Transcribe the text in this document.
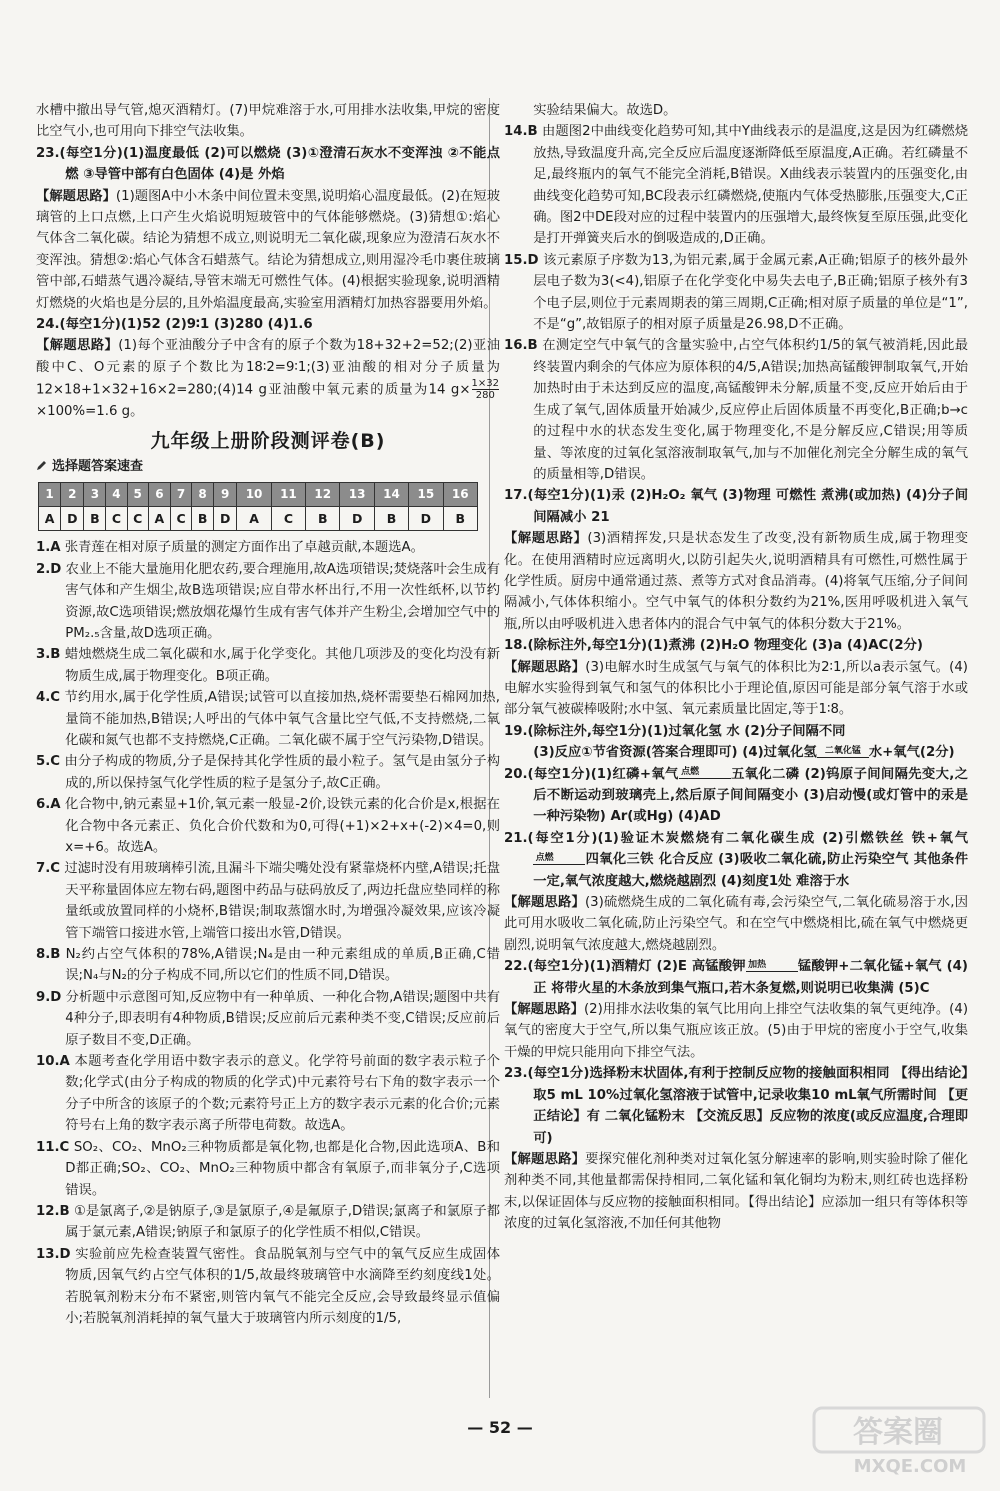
水槽中撤出导气管,熄灭酒精灯。(7)甲烷难溶于水,可用排水法收集,甲烷的密度比空气小,也可用向下排空气法收集。

23.(每空1分)(1)温度最低 (2)可以燃烧 (3)①澄清石灰水不变浑浊 ②不能点燃 ③导管中部有白色固体 (4)是 外焰

【解题思路】(1)题图A中小木条中间位置未变黑,说明焰心温度最低。(2)在短玻璃管的上口点燃,上口产生火焰说明短玻管中的气体能够燃烧。(3)猜想①:焰心气体含二氧化碳。结论为猜想不成立,则说明无二氧化碳,现象应为澄清石灰水不变浑浊。猜想②:焰心气体含石蜡蒸气。结论为猜想成立,则用湿冷毛巾裹住玻璃管中部,石蜡蒸气遇冷凝结,导管末端无可燃性气体。(4)根据实验现象,说明酒精灯燃烧的火焰也是分层的,且外焰温度最高,实验室用酒精灯加热容器要用外焰。

24.(每空1分)(1)52 (2)9∶1 (3)280 (4)1.6

【解题思路】(1)每个亚油酸分子中含有的原子个数为18+32+2=52;(2)亚油酸中C、O元素的原子个数比为18∶2=9∶1;(3)亚油酸的相对分子质量为12×18+1×32+16×2=280;(4)14 g亚油酸中氧元素的质量为14 $g\times \frac{1\times 32}{280}$
×100%=1.6 g。

九年级上册阶段测评卷(B)
选择题答案速查
1	2	3	4	5	6	7	8	9	10	11	12	13	14	15	16
A	D	B	C	C	A	C	B	D	A	C	B	D	B	D	B

1.A 张青莲在相对原子质量的测定方面作出了卓越贡献,本题选A。

2.D 农业上不能大量施用化肥农药,要合理施用,故A选项错误;焚烧落叶会生成有害气体和产生烟尘,故B选项错误;应自带水杯出行,不用一次性纸杯,以节约资源,故C选项错误;燃放烟花爆竹生成有害气体并产生粉尘,会增加空气中的PM₂.₅含量,故D选项正确。

3.B 蜡烛燃烧生成二氧化碳和水,属于化学变化。其他几项涉及的变化均没有新物质生成,属于物理变化。B项正确。

4.C 节约用水,属于化学性质,A错误;试管可以直接加热,烧杯需要垫石棉网加热,量筒不能加热,B错误;人呼出的气体中氧气含量比空气低,不支持燃烧,二氧化碳和氮气也都不支持燃烧,C正确。二氧化碳不属于空气污染物,D错误。

5.C 由分子构成的物质,分子是保持其化学性质的最小粒子。氢气是由氢分子构成的,所以保持氢气化学性质的粒子是氢分子,故C正确。

6.A 化合物中,钠元素显+1价,氧元素一般显-2价,设铁元素的化合价是x,根据在化合物中各元素正、负化合价代数和为0,可得(+1)×2+x+(-2)×4=0,则x=+6。故选A。

7.C 过滤时没有用玻璃棒引流,且漏斗下端尖嘴处没有紧靠烧杯内壁,A错误;托盘天平称量固体应左物右码,题图中药品与砝码放反了,两边托盘应垫同样的称量纸或放置同样的小烧杯,B错误;制取蒸馏水时,为增强冷凝效果,应该冷凝管下端管口接进水管,上端管口接出水管,D错误。

8.B N₂约占空气体积的78%,A错误;N₄是由一种元素组成的单质,B正确,C错误;N₄与N₂的分子构成不同,所以它们的性质不同,D错误。

9.D 分析题中示意图可知,反应物中有一种单质、一种化合物,A错误;题图中共有4种分子,即表明有4种物质,B错误;反应前后元素种类不变,C错误;反应前后原子数目不变,D正确。

10.A 本题考查化学用语中数字表示的意义。化学符号前面的数字表示粒子个数;化学式(由分子构成的物质的化学式)中元素符号右下角的数字表示一个分子中所含的该原子的个数;元素符号正上方的数字表示元素的化合价;元素符号右上角的数字表示离子所带电荷数。故选A。

11.C SO₂、CO₂、MnO₂三种物质都是氧化物,也都是化合物,因此选项A、B和D都正确;SO₂、CO₂、MnO₂三种物质中都含有氧原子,而非氧分子,C选项错误。

12.B ①是氯离子,②是钠原子,③是氯原子,④是氟原子,D错误;氯离子和氯原子都属于氯元素,A错误;钠原子和氯原子的化学性质不相似,C错误。

13.D 实验前应先检查装置气密性。食品脱氧剂与空气中的氧气反应生成固体物质,因氧气约占空气体积的1/5,故最终玻璃管中水滴降至约刻度线1处。若脱氧剂粉末分布不紧密,则管内氧气不能完全反应,会导致最终显示值偏小;若脱氧剂消耗掉的氧气量大于玻璃管内所示刻度的1/5,

实验结果偏大。故选D。

14.B 由题图2中曲线变化趋势可知,其中Y曲线表示的是温度,这是因为红磷燃烧放热,导致温度升高,完全反应后温度逐渐降低至原温度,A正确。若红磷量不足,最终瓶内的氧气不能完全消耗,B错误。X曲线表示装置内的压强变化,由曲线变化趋势可知,BC段表示红磷燃烧,使瓶内气体受热膨胀,压强变大,C正确。图2中DE段对应的过程中装置内的压强增大,最终恢复至原压强,此变化是打开弹簧夹后水的倒吸造成的,D正确。

15.D 该元素原子序数为13,为铝元素,属于金属元素,A正确;铝原子的核外最外层电子数为3(<4),铝原子在化学变化中易失去电子,B正确;铝原子核外有3个电子层,则位于元素周期表的第三周期,C正确;相对原子质量的单位是“1”,不是“g”,故铝原子的相对原子质量是26.98,D不正确。

16.B 在测定空气中氧气的含量实验中,占空气体积约1/5的氧气被消耗,因此最终装置内剩余的气体应为原体积的4/5,A错误;加热高锰酸钾制取氧气,开始加热时由于未达到反应的温度,高锰酸钾未分解,质量不变,反应开始后由于生成了氧气,固体质量开始减少,反应停止后固体质量不再变化,B正确;b→c的过程中水的状态发生变化,属于物理变化,不是分解反应,C错误;用等质量、等浓度的过氧化氢溶液制取氧气,加与不加催化剂完全分解生成的氧气的质量相等,D错误。

17.(每空1分)(1)汞 (2)H₂O₂ 氧气 (3)物理 可燃性 煮沸(或加热) (4)分子间间隔减小 21

【解题思路】(3)酒精挥发,只是状态发生了改变,没有新物质生成,属于物理变化。在使用酒精时应远离明火,以防引起失火,说明酒精具有可燃性,可燃性属于化学性质。厨房中通常通过蒸、煮等方式对食品消毒。(4)将氧气压缩,分子间间隔减小,气体体积缩小。空气中氧气的体积分数约为21%,医用呼吸机进入氧气瓶,所以由呼吸机进入患者体内的混合气中氧气的体积分数大于21%。

18.(除标注外,每空1分)(1)煮沸 (2)H₂O 物理变化 (3)a (4)AC(2分)

【解题思路】(3)电解水时生成氢气与氧气的体积比为2∶1,所以a表示氢气。(4)电解水实验得到氧气和氢气的体积比小于理论值,原因可能是部分氧气溶于水或部分氧气被碳棒吸附;水中氢、氧元素质量比固定,等于1∶8。

19.(除标注外,每空1分)(1)过氧化氢 水 (2)分子间隔不同

(3)反应①节省资源(答案合理即可) (4)过氧化氢 二氧化锰 水+氧气(2分)

20.(每空1分)(1)红磷+氧气 点燃 五氧化二磷 (2)钨原子间间隔先变大,之后不断运动到玻璃壳上,然后原子间间隔变小 (3)启动慢(或灯管中的汞是一种污染物) Ar(或Hg) (4)AD

21.(每空1分)(1)验证木炭燃烧有二氧化碳生成 (2)引燃铁丝 铁+氧气点燃 四氧化三铁 化合反应 (3)吸收二氧化硫,防止污染空气 其他条件一定,氧气浓度越大,燃烧越剧烈 (4)刻度1处 难溶于水

【解题思路】(3)硫燃烧生成的二氧化硫有毒,会污染空气,二氧化硫易溶于水,因此可用水吸收二氧化硫,防止污染空气。和在空气中燃烧相比,硫在氧气中燃烧更剧烈,说明氧气浓度越大,燃烧越剧烈。

22.(每空1分)(1)酒精灯 (2)E 高锰酸钾 加热 锰酸钾+二氧化锰+氧气 (4)正 将带火星的木条放到集气瓶口,若木条复燃,则说明已收集满 (5)C

【解题思路】(2)用排水法收集的氧气比用向上排空气法收集的氧气更纯净。(4)氧气的密度大于空气,所以集气瓶应该正放。(5)由于甲烷的密度小于空气,收集干燥的甲烷只能用向下排空气法。

23.(每空1分)选择粉末状固体,有利于控制反应物的接触面积相同 【得出结论】取5 mL 10%过氧化氢溶液于试管中,记录收集10 mL氧气所需时间 【更正结论】有 二氧化锰粉末 【交流反思】反应物的浓度(或反应温度,合理即可)

【解题思路】要探究催化剂种类对过氧化氢分解速率的影响,则实验时除了催化剂种类不同,其他量都需保持相同,二氧化锰和氧化铜均为粉末,则红砖也选择粉末,以保证固体与反应物的接触面积相同。【得出结论】应添加一组只有等体积等浓度的过氧化氢溶液,不加任何其他物

— 52 —	答案圈
MXQE.COM
